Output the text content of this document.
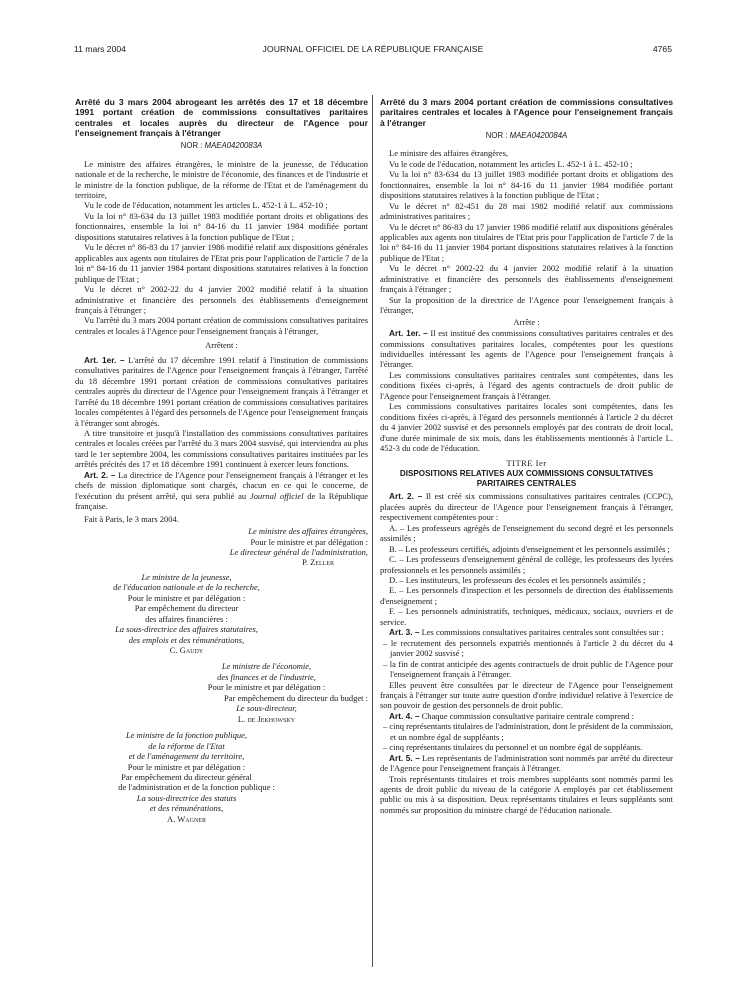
11 mars 2004	JOURNAL OFFICIEL DE LA RÉPUBLIQUE FRANÇAISE	4765
Arrêté du 3 mars 2004 abrogeant les arrêtés des 17 et 18 décembre 1991 portant création de commissions consultatives paritaires centrales et locales auprès du directeur de l'Agence pour l'enseignement français à l'étranger
NOR : MAEA0420083A
Le ministre des affaires étrangères, le ministre de la jeunesse, de l'éducation nationale et de la recherche, le ministre de l'économie, des finances et de l'industrie et le ministre de la fonction publique, de la réforme de l'Etat et de l'aménagement du territoire,
Vu le code de l'éducation, notamment les articles L. 452-1 à L. 452-10 ;
Vu la loi n° 83-634 du 13 juillet 1983 modifiée portant droits et obligations des fonctionnaires, ensemble la loi n° 84-16 du 11 janvier 1984 modifiée portant dispositions statutaires relatives à la fonction publique de l'Etat ;
Vu le décret n° 86-83 du 17 janvier 1986 modifié relatif aux dispositions générales applicables aux agents non titulaires de l'Etat pris pour l'application de l'article 7 de la loi n° 84-16 du 11 janvier 1984 portant dispositions statutaires relatives à la fonction publique de l'Etat ;
Vu le décret n° 2002-22 du 4 janvier 2002 modifié relatif à la situation administrative et financière des personnels des établissements d'enseignement français à l'étranger ;
Vu l'arrêté du 3 mars 2004 portant création de commissions consultatives paritaires centrales et locales à l'Agence pour l'enseignement français à l'étranger,
Arrêtent :
Art. 1er. – L'arrêté du 17 décembre 1991 relatif à l'institution de commissions consultatives paritaires de l'Agence pour l'enseignement français à l'étranger, l'arrêté du 18 décembre 1991 portant création de commissions consultatives paritaires centrales auprès du directeur de l'Agence pour l'enseignement français à l'étranger et l'arrêté du 18 décembre 1991 portant création de commissions consultatives paritaires locales compétentes à l'égard des personnels de l'Agence pour l'enseignement français à l'étranger sont abrogés.
A titre transitoire et jusqu'à l'installation des commissions consultatives paritaires centrales et locales créées par l'arrêté du 3 mars 2004 susvisé, qui interviendra au plus tard le 1er septembre 2004, les commissions consultatives paritaires instituées par les arrêtés précités des 17 et 18 décembre 1991 continuent à exercer leurs fonctions.
Art. 2. – La directrice de l'Agence pour l'enseignement français à l'étranger et les chefs de mission diplomatique sont chargés, chacun en ce qui le concerne, de l'exécution du présent arrêté, qui sera publié au Journal officiel de la République française.
Fait à Paris, le 3 mars 2004.
Le ministre des affaires étrangères,
Pour le ministre et par délégation :
Le directeur général de l'administration,
P. Zeller
Le ministre de la jeunesse,
de l'éducation nationale et de la recherche,
Pour le ministre et par délégation :
Par empêchement du directeur
des affaires financières :
La sous-directrice des affaires statutaires,
des emplois et des rémunérations,
C. Gaudy
Le ministre de l'économie,
des finances et de l'industrie,
Pour le ministre et par délégation :
Par empêchement du directeur du budget :
Le sous-directeur,
L. de Jekhowsky
Le ministre de la fonction publique,
de la réforme de l'Etat
et de l'aménagement du territoire,
Pour le ministre et par délégation :
Par empêchement du directeur général
de l'administration et de la fonction publique :
La sous-directrice des statuts
et des rémunérations,
A. Wagner
Arrêté du 3 mars 2004 portant création de commissions consultatives paritaires centrales et locales à l'Agence pour l'enseignement français à l'étranger
NOR : MAEA0420084A
Le ministre des affaires étrangères,
Vu le code de l'éducation, notamment les articles L. 452-1 à L. 452-10 ;
Vu la loi n° 83-634 du 13 juillet 1983 modifiée portant droits et obligations des fonctionnaires, ensemble la loi n° 84-16 du 11 janvier 1984 modifiée portant dispositions statutaires relatives à la fonction publique de l'Etat ;
Vu le décret n° 82-451 du 28 mai 1982 modifié relatif aux commissions administratives paritaires ;
Vu le décret n° 86-83 du 17 janvier 1986 modifié relatif aux dispositions générales applicables aux agents non titulaires de l'Etat pris pour l'application de l'article 7 de la loi n° 84-16 du 11 janvier 1984 portant dispositions statutaires relatives à la fonction publique de l'Etat ;
Vu le décret n° 2002-22 du 4 janvier 2002 modifié relatif à la situation administrative et financière des personnels des établissements d'enseignement français à l'étranger ;
Sur la proposition de la directrice de l'Agence pour l'enseignement français à l'étranger,
Arrête :
Art. 1er. – Il est institué des commissions consultatives paritaires centrales et des commissions consultatives paritaires locales, compétentes pour les questions individuelles intéressant les agents de l'Agence pour l'enseignement français à l'étranger.
Les commissions consultatives paritaires centrales sont compétentes, dans les conditions fixées ci-après, à l'égard des agents contractuels de droit public de l'Agence pour l'enseignement français à l'étranger.
Les commissions consultatives paritaires locales sont compétentes, dans les conditions fixées ci-après, à l'égard des personnels mentionnés à l'article 2 du décret du 4 janvier 2002 susvisé et des personnels employés par des contrats de droit local, d'une durée minimale de six mois, dans les établissements mentionnés à l'article L. 452-3 du code de l'éducation.
TITRE Ier
DISPOSITIONS RELATIVES AUX COMMISSIONS CONSULTATIVES PARITAIRES CENTRALES
Art. 2. – Il est créé six commissions consultatives paritaires centrales (CCPC), placées auprès du directeur de l'Agence pour l'enseignement français à l'étranger, respectivement compétentes pour :
A. – Les professeurs agrégés de l'enseignement du second degré et les personnels assimilés ;
B. – Les professeurs certifiés, adjoints d'enseignement et les personnels assimilés ;
C. – Les professeurs d'enseignement général de collège, les professeurs des lycées professionnels et les personnels assimilés ;
D. – Les instituteurs, les professeurs des écoles et les personnels assimilés ;
E. – Les personnels d'inspection et les personnels de direction des établissements d'enseignement ;
F. – Les personnels administratifs, techniques, médicaux, sociaux, ouvriers et de service.
Art. 3. – Les commissions consultatives paritaires centrales sont consultées sur :
– le recrutement des personnels expatriés mentionnés à l'article 2 du décret du 4 janvier 2002 susvisé ;
– la fin de contrat anticipée des agents contractuels de droit public de l'Agence pour l'enseignement français à l'étranger.
Elles peuvent être consultées par le directeur de l'Agence pour l'enseignement français à l'étranger sur toute autre question d'ordre individuel relative à l'exercice de son pouvoir de gestion des personnels de droit public.
Art. 4. – Chaque commission consultative paritaire centrale comprend :
– cinq représentants titulaires de l'administration, dont le président de la commission, et un nombre égal de suppléants ;
– cinq représentants titulaires du personnel et un nombre égal de suppléants.
Art. 5. – Les représentants de l'administration sont nommés par arrêté du directeur de l'Agence pour l'enseignement français à l'étranger.
Trois représentants titulaires et trois membres suppléants sont nommés parmi les agents de droit public du niveau de la catégorie A employés par cet établissement public ou mis à sa disposition. Deux représentants titulaires et leurs suppléants sont nommés sur proposition du ministre chargé de l'éducation nationale.
